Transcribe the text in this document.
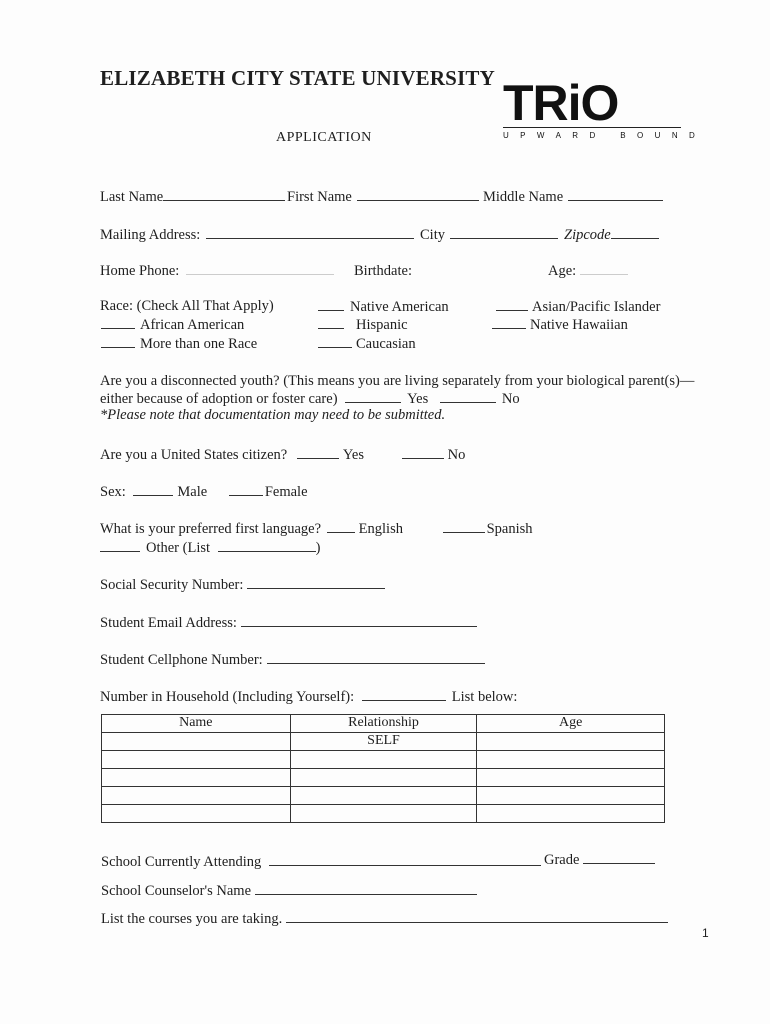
ELIZABETH CITY STATE UNIVERSITY
APPLICATION
TRiO
UPWARD BOUND
Last Name	First Name	Middle Name
Mailing Address:	City	Zipcode
Home Phone:	Birthdate:	Age:
Race: (Check All That Apply)
African American
More than one Race
Native American
Hispanic
Caucasian
Asian/Pacific Islander
Native Hawaiian
Are you a disconnected youth? (This means you are living separately from your biological parent(s)—
either because of adoption or foster care)	Yes	No
*Please note that documentation may need to be submitted.
Are you a United States citizen?	Yes	No
Sex:	Male	Female
What is your preferred first language?	English	Spanish
Other (List	)
Social Security Number:
Student Email Address:
Student Cellphone Number:
Number in Household (Including Yourself):	List below:
Name	Relationship	Age
	SELF	

School Currently Attending	Grade
School Counselor's Name
List the courses you are taking.
1
